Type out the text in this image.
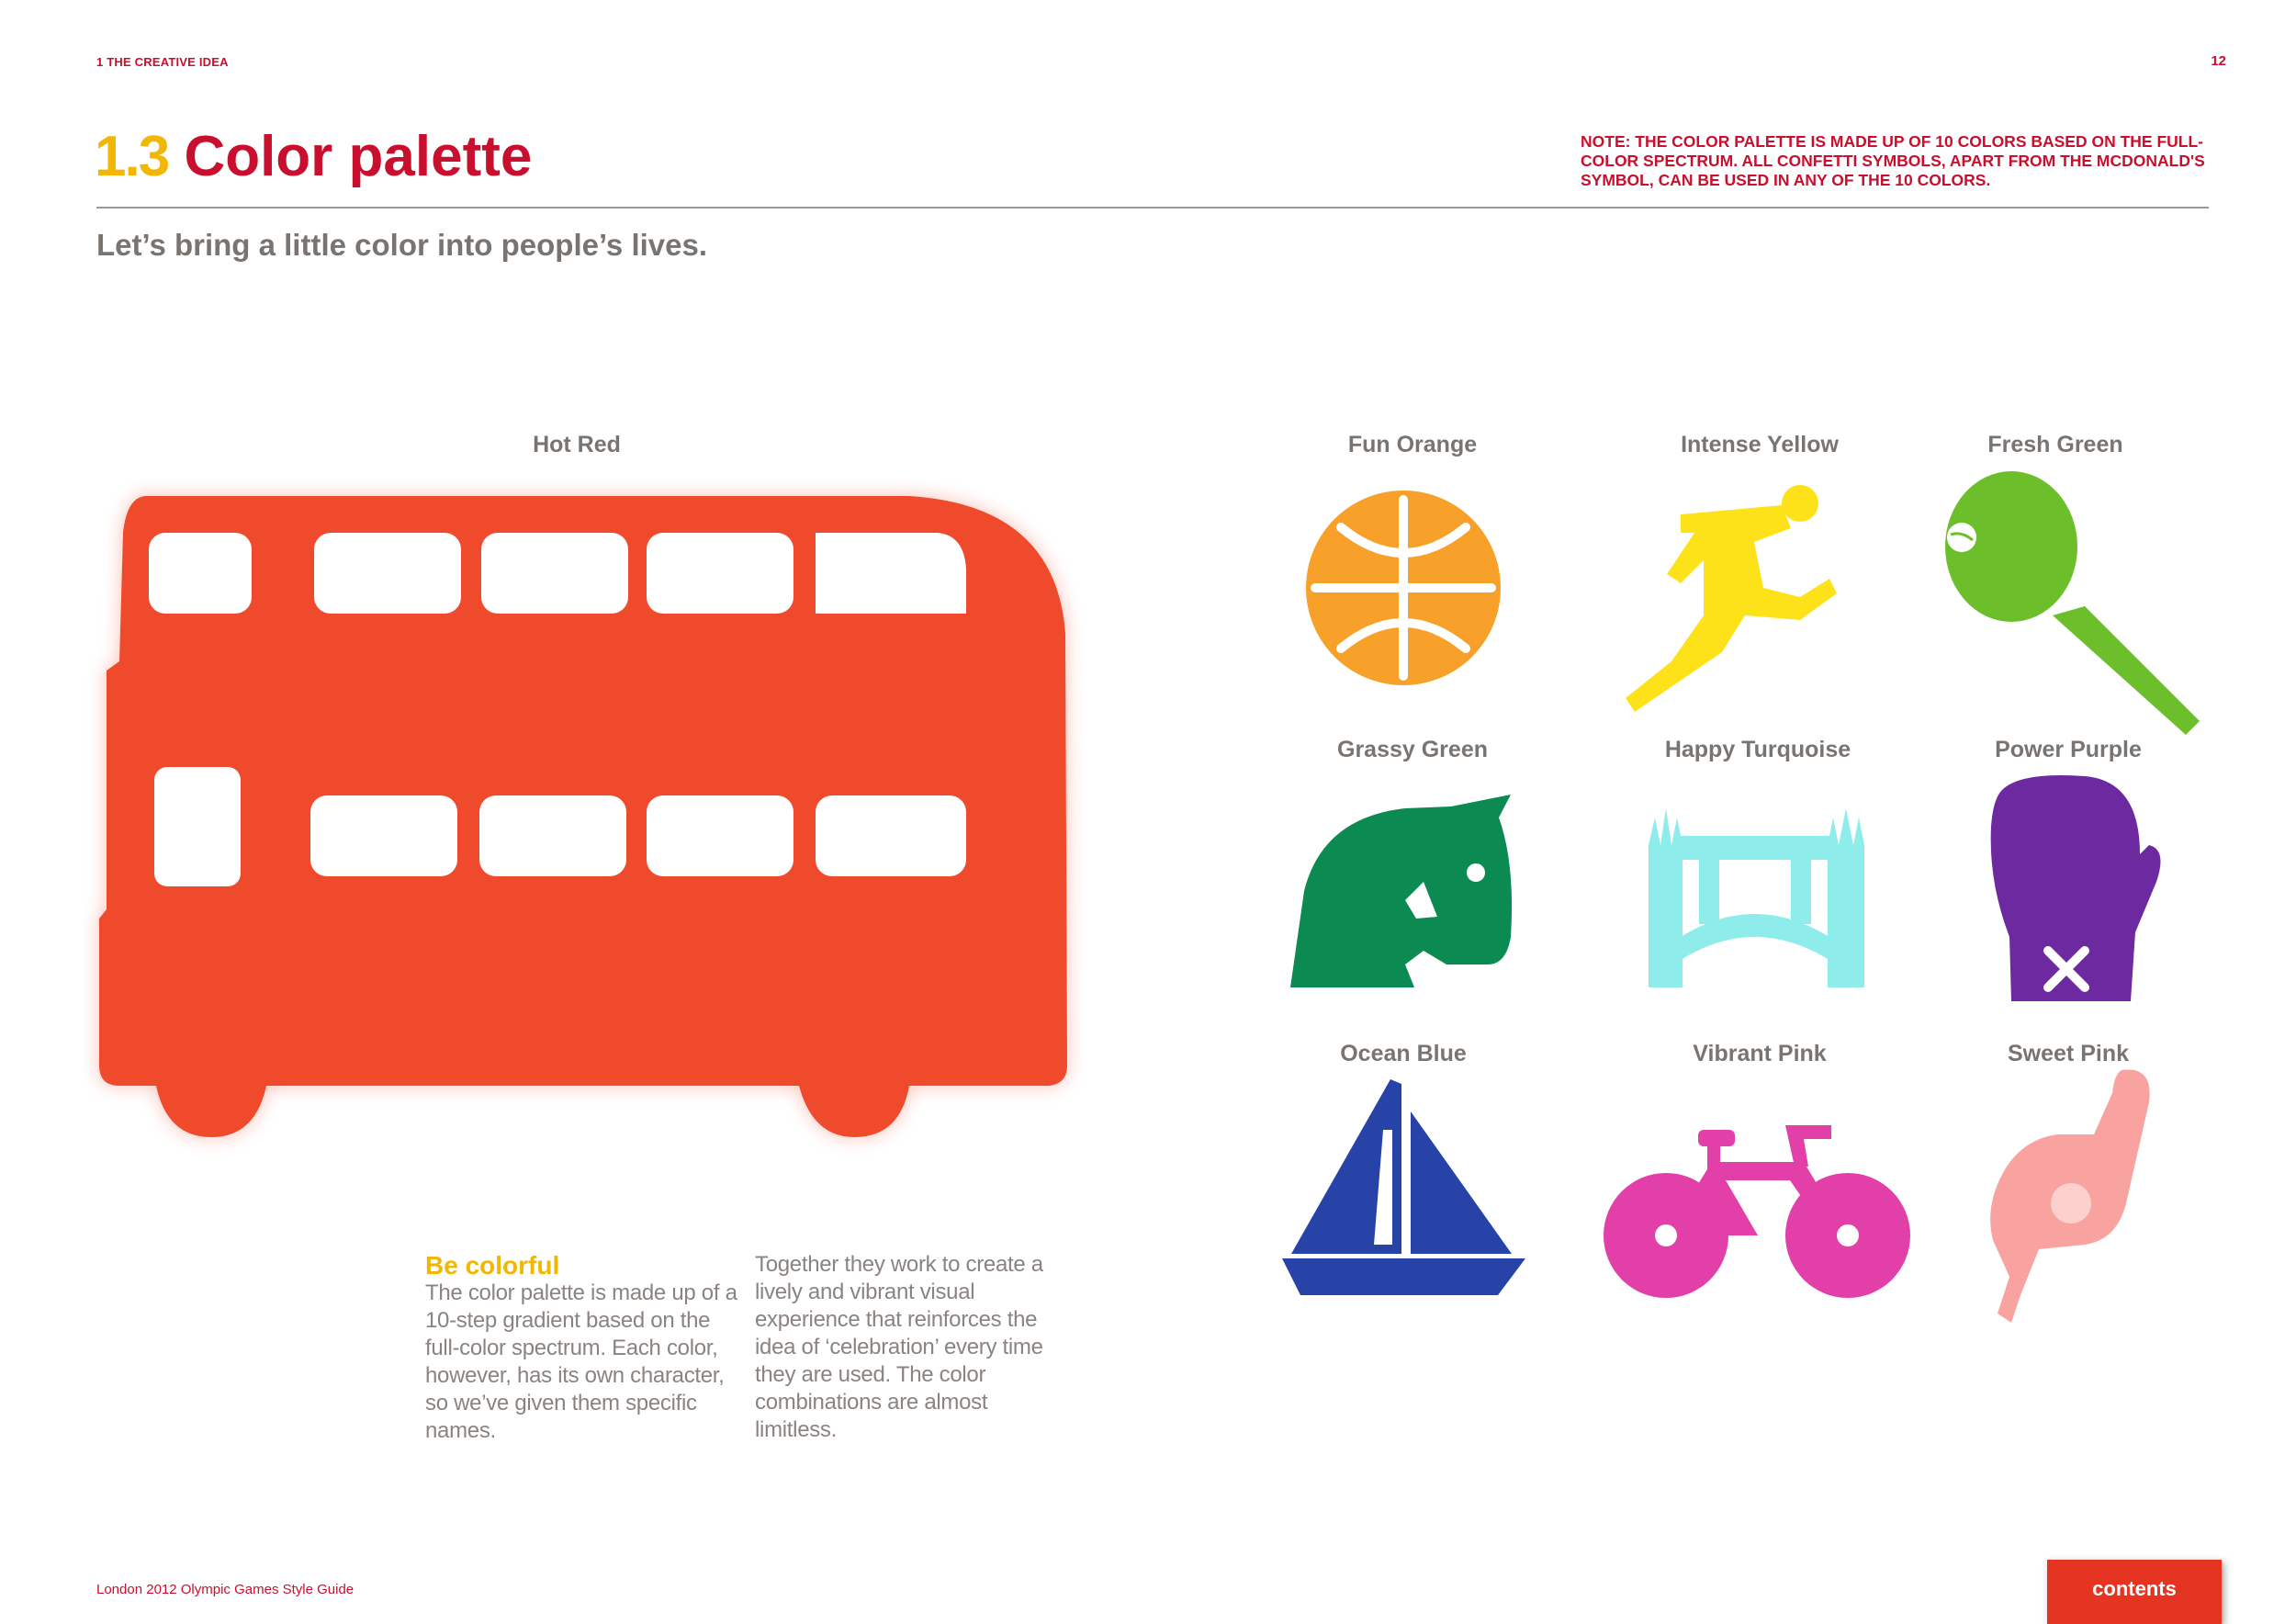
1 THE CREATIVE IDEA	12
1.3 Color palette	NOTE: THE COLOR PALETTE IS MADE UP OF 10 COLORS BASED ON THE FULL-COLOR SPECTRUM. ALL CONFETTI SYMBOLS, APART FROM THE MCDONALD'S SYMBOL, CAN BE USED IN ANY OF THE 10 COLORS.
Let’s bring a little color into people’s lives.
Hot Red	Fun Orange	Intense Yellow	Fresh Green
Grassy Green	Happy Turquoise	Power Purple
Ocean Blue	Vibrant Pink	Sweet Pink
Be colorful
The color palette is made up of a 10-step gradient based on the full-color spectrum. Each color, however, has its own character, so we’ve given them specific names.
Together they work to create a lively and vibrant visual experience that reinforces the idea of ‘celebration’ every time they are used. The color combinations are almost limitless.
London 2012 Olympic Games Style Guide	contents
